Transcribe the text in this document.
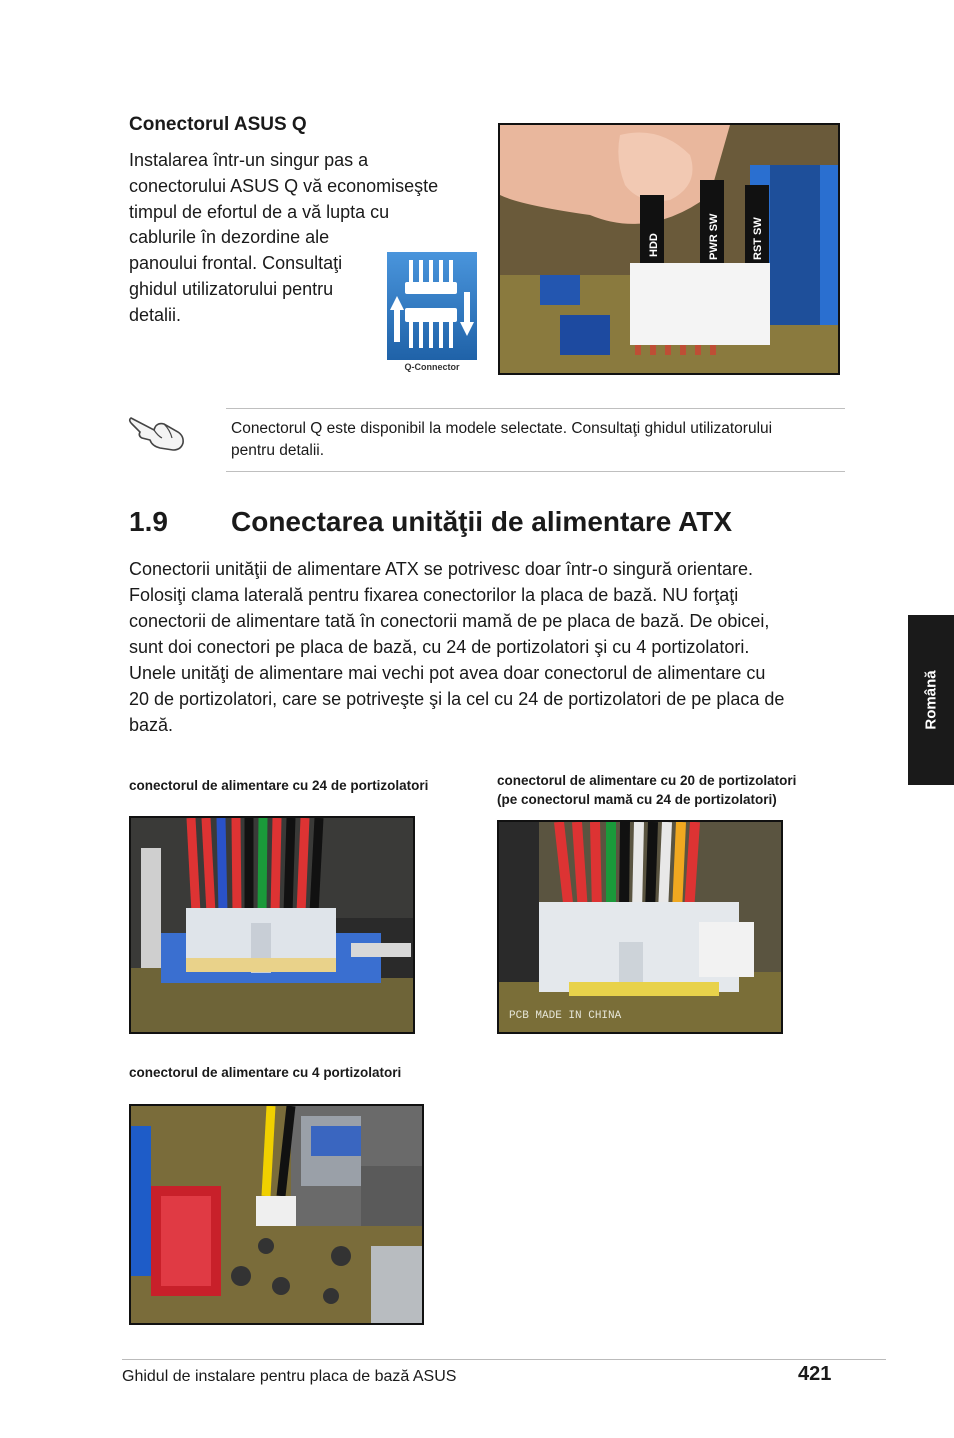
Conectorul ASUS Q
Instalarea într-un singur pas a
conectorului ASUS Q vă economiseşte
timpul de efortul de a vă lupta cu
cablurile în dezordine ale
panoului frontal. Consultaţi
ghidul utilizatorului pentru
detalii.
Q-Connector
HDD	PWR SW	RST SW
Conectorul Q este disponibil la modele selectate. Consultaţi ghidul utilizatorului
pentru detalii.
1.9 Conectarea unităţii de alimentare ATX
Conectorii unităţii de alimentare ATX se potrivesc doar într-o singură orientare.
Folosiţi clama laterală pentru fixarea conectorilor la placa de bază. NU forţaţi
conectorii de alimentare tată în conectorii mamă de pe placa de bază. De obicei,
sunt doi conectori pe placa de bază, cu 24 de portizolatori şi cu 4 portizolatori.
Unele unităţi de alimentare mai vechi pot avea doar conectorul de alimentare cu
20 de portizolatori, care se potriveşte şi la cel cu 24 de portizolatori de pe placa de
bază.
conectorul de alimentare cu 24 de portizolatori	conectorul de alimentare cu 20 de portizolatori
(pe conectorul mamă cu 24 de portizolatori)
PCB MADE IN CHINA
conectorul de alimentare cu 4 portizolatori
Română
Ghidul de instalare pentru placa de bază ASUS	421
